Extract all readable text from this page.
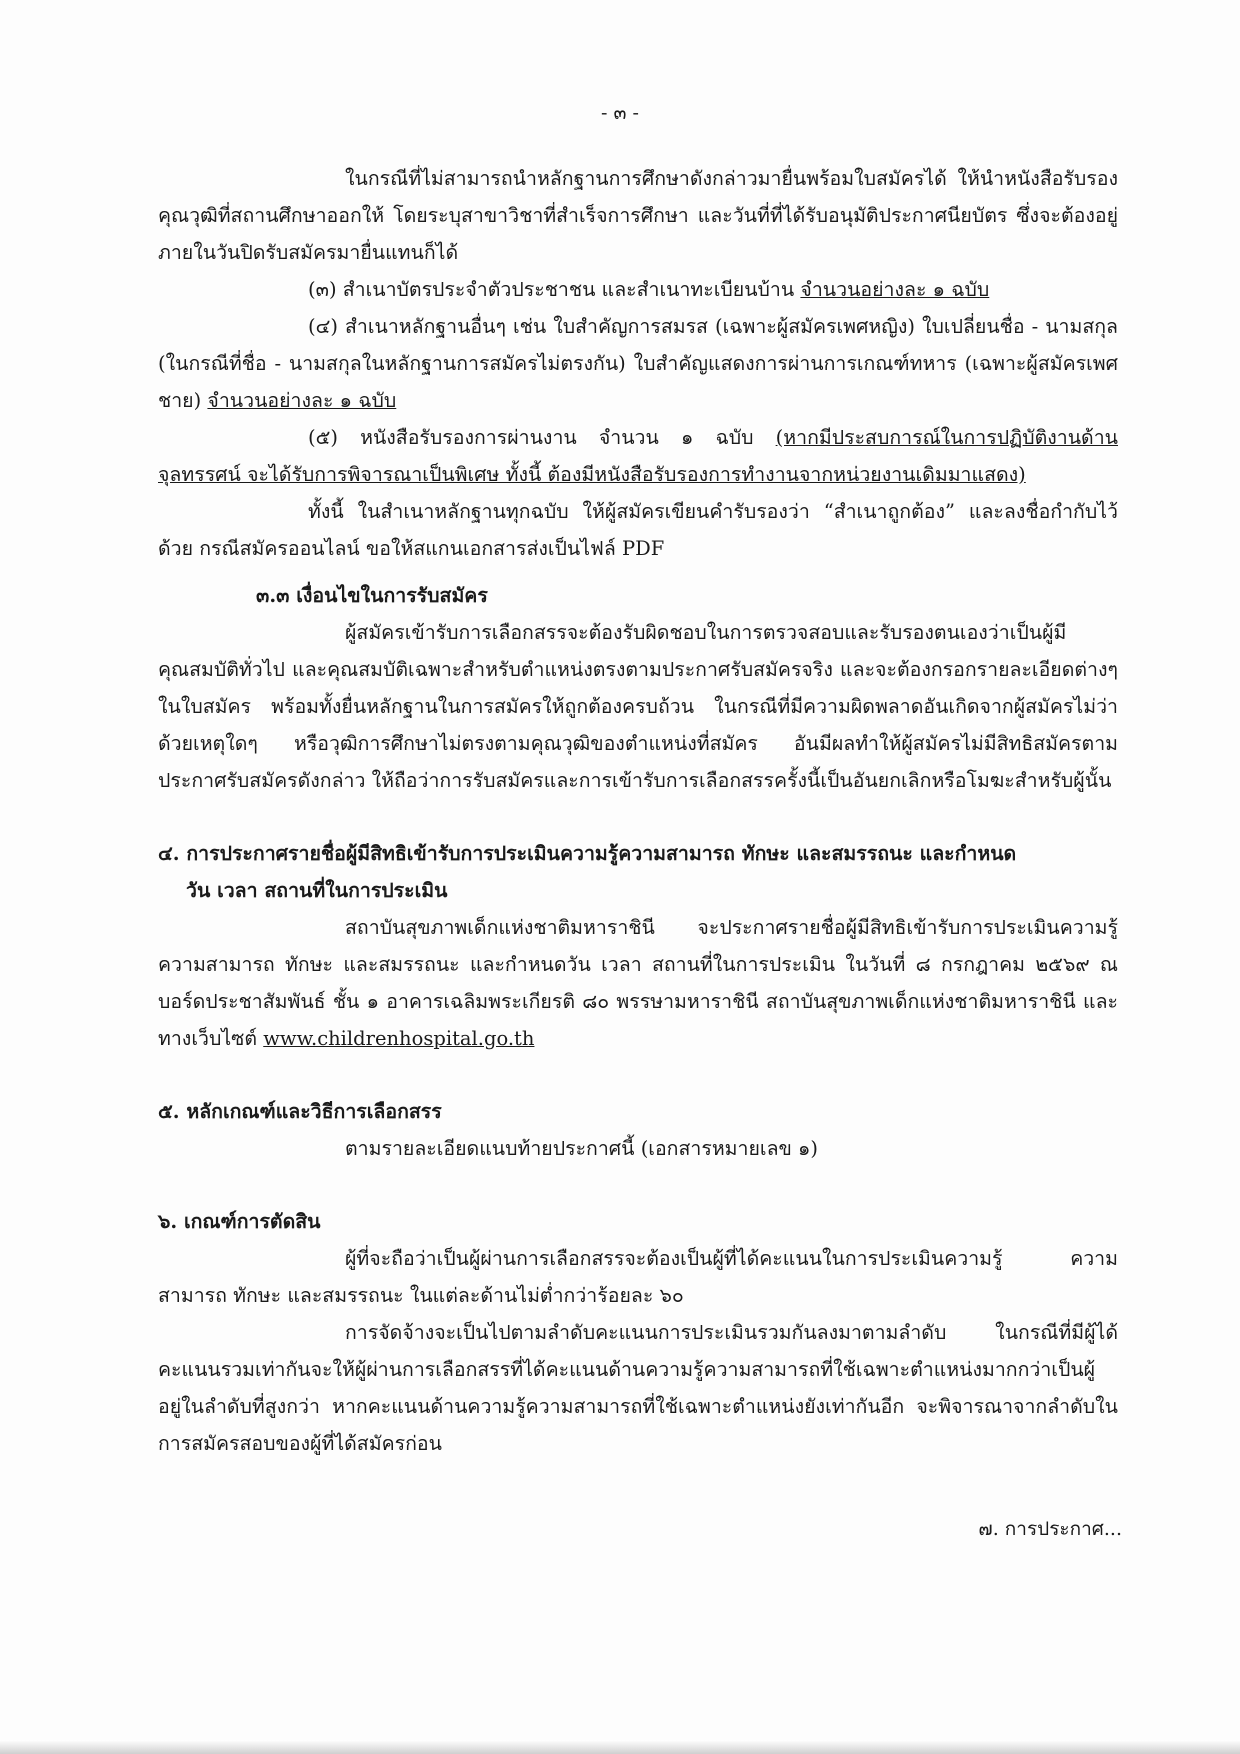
- ๓ -

ในกรณีที่ไม่สามารถนำหลักฐานการศึกษาดังกล่าวมายื่นพร้อมใบสมัครได้ ให้นำหนังสือรับรองคุณวุฒิที่สถานศึกษาออกให้ โดยระบุสาขาวิชาที่สำเร็จการศึกษา และวันที่ที่ได้รับอนุมัติประกาศนียบัตร ซึ่งจะต้องอยู่ภายในวันปิดรับสมัครมายื่นแทนก็ได้

(๓) สำเนาบัตรประจำตัวประชาชน และสำเนาทะเบียนบ้าน จำนวนอย่างละ ๑ ฉบับ

(๔) สำเนาหลักฐานอื่นๆ เช่น ใบสำคัญการสมรส (เฉพาะผู้สมัครเพศหญิง) ใบเปลี่ยนชื่อ - นามสกุล (ในกรณีที่ชื่อ - นามสกุลในหลักฐานการสมัครไม่ตรงกัน) ใบสำคัญแสดงการผ่านการเกณฑ์ทหาร (เฉพาะผู้สมัครเพศชาย) จำนวนอย่างละ ๑ ฉบับ

(๕) หนังสือรับรองการผ่านงาน จำนวน ๑ ฉบับ (หากมีประสบการณ์ในการปฏิบัติงานด้านจุลทรรศน์ จะได้รับการพิจารณาเป็นพิเศษ ทั้งนี้ ต้องมีหนังสือรับรองการทำงานจากหน่วยงานเดิมมาแสดง)

ทั้งนี้ ในสำเนาหลักฐานทุกฉบับ ให้ผู้สมัครเขียนคำรับรองว่า “สำเนาถูกต้อง” และลงชื่อกำกับไว้ด้วย กรณีสมัครออนไลน์ ขอให้สแกนเอกสารส่งเป็นไฟล์ PDF

๓.๓ เงื่อนไขในการรับสมัคร

ผู้สมัครเข้ารับการเลือกสรรจะต้องรับผิดชอบในการตรวจสอบและรับรองตนเองว่าเป็นผู้มีคุณสมบัติทั่วไป และคุณสมบัติเฉพาะสำหรับตำแหน่งตรงตามประกาศรับสมัครจริง และจะต้องกรอกรายละเอียดต่างๆ ในใบสมัคร พร้อมทั้งยื่นหลักฐานในการสมัครให้ถูกต้องครบถ้วน ในกรณีที่มีความผิดพลาดอันเกิดจากผู้สมัครไม่ว่าด้วยเหตุใดๆ หรือวุฒิการศึกษาไม่ตรงตามคุณวุฒิของตำแหน่งที่สมัคร อันมีผลทำให้ผู้สมัครไม่มีสิทธิสมัครตามประกาศรับสมัครดังกล่าว ให้ถือว่าการรับสมัครและการเข้ารับการเลือกสรรครั้งนี้เป็นอันยกเลิกหรือโมฆะสำหรับผู้นั้น

๔. การประกาศรายชื่อผู้มีสิทธิเข้ารับการประเมินความรู้ความสามารถ ทักษะ และสมรรถนะ และกำหนด

วัน เวลา สถานที่ในการประเมิน

สถาบันสุขภาพเด็กแห่งชาติมหาราชินี จะประกาศรายชื่อผู้มีสิทธิเข้ารับการประเมินความรู้ความสามารถ ทักษะ และสมรรถนะ และกำหนดวัน เวลา สถานที่ในการประเมิน ในวันที่ ๘ กรกฎาคม ๒๕๖๙ ณ บอร์ดประชาสัมพันธ์ ชั้น ๑ อาคารเฉลิมพระเกียรติ ๘๐ พรรษามหาราชินี สถาบันสุขภาพเด็กแห่งชาติมหาราชินี และทางเว็บไซต์ www.childrenhospital.go.th

๕. หลักเกณฑ์และวิธีการเลือกสรร

ตามรายละเอียดแนบท้ายประกาศนี้ (เอกสารหมายเลข ๑)

๖. เกณฑ์การตัดสิน

ผู้ที่จะถือว่าเป็นผู้ผ่านการเลือกสรรจะต้องเป็นผู้ที่ได้คะแนนในการประเมินความรู้ ความสามารถ ทักษะ และสมรรถนะ ในแต่ละด้านไม่ต่ำกว่าร้อยละ ๖๐

การจัดจ้างจะเป็นไปตามลำดับคะแนนการประเมินรวมกันลงมาตามลำดับ ในกรณีที่มีผู้ได้คะแนนรวมเท่ากันจะให้ผู้ผ่านการเลือกสรรที่ได้คะแนนด้านความรู้ความสามารถที่ใช้เฉพาะตำแหน่งมากกว่าเป็นผู้อยู่ในลำดับที่สูงกว่า หากคะแนนด้านความรู้ความสามารถที่ใช้เฉพาะตำแหน่งยังเท่ากันอีก จะพิจารณาจากลำดับในการสมัครสอบของผู้ที่ได้สมัครก่อน

๗. การประกาศ...
